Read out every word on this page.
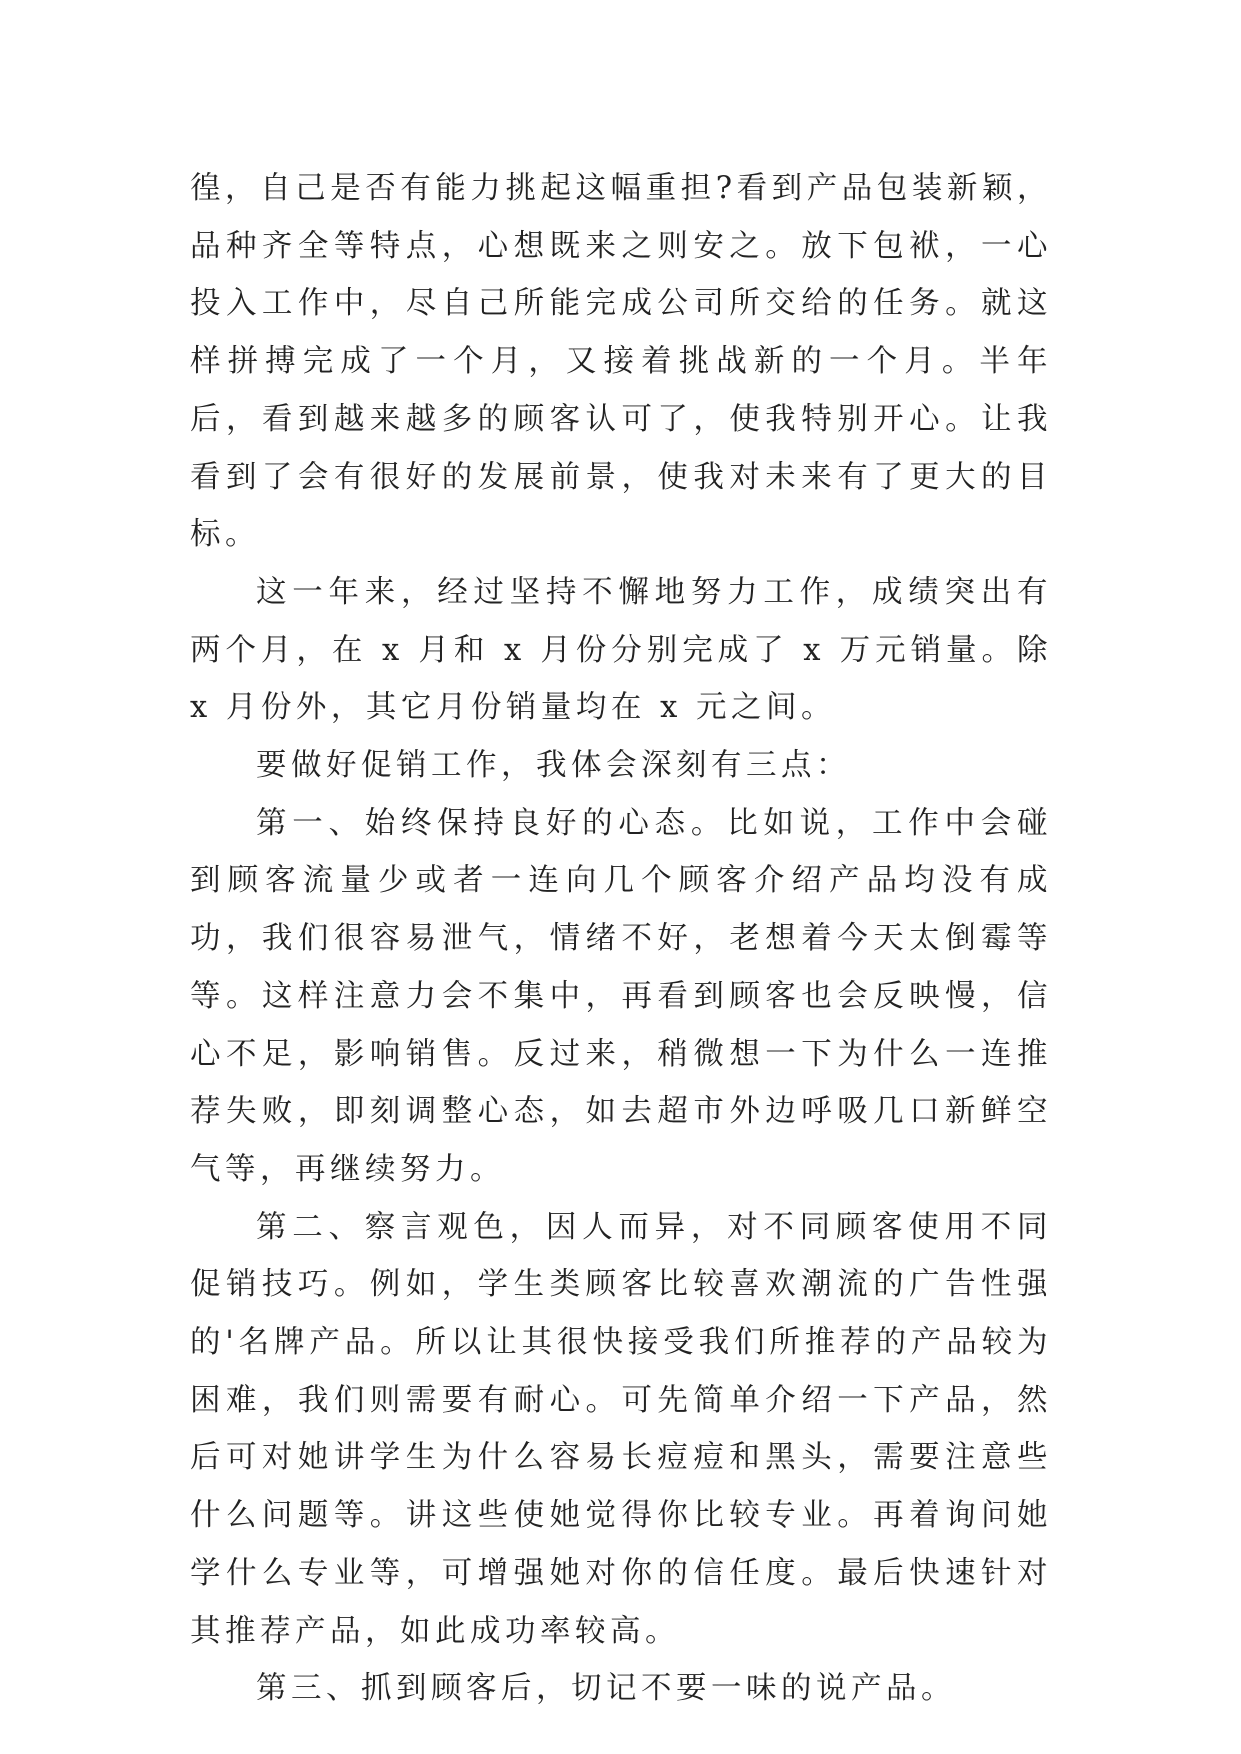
徨，自己是否有能力挑起这幅重担?看到产品包装新颖，品种齐全等特点，心想既来之则安之。放下包袱，一心投入工作中，尽自己所能完成公司所交给的任务。就这样拼搏完成了一个月，又接着挑战新的一个月。半年后，看到越来越多的顾客认可了，使我特别开心。让我看到了会有很好的发展前景，使我对未来有了更大的目标。

这一年来，经过坚持不懈地努力工作，成绩突出有两个月，在 x 月和 x 月份分别完成了 x 万元销量。除 x 月份外，其它月份销量均在 x 元之间。

要做好促销工作，我体会深刻有三点：

第一、始终保持良好的心态。比如说，工作中会碰到顾客流量少或者一连向几个顾客介绍产品均没有成功，我们很容易泄气，情绪不好，老想着今天太倒霉等等。这样注意力会不集中，再看到顾客也会反映慢，信心不足，影响销售。反过来，稍微想一下为什么一连推荐失败，即刻调整心态，如去超市外边呼吸几口新鲜空气等，再继续努力。

第二、察言观色，因人而异，对不同顾客使用不同促销技巧。例如，学生类顾客比较喜欢潮流的广告性强的'名牌产品。所以让其很快接受我们所推荐的产品较为困难，我们则需要有耐心。可先简单介绍一下产品，然后可对她讲学生为什么容易长痘痘和黑头，需要注意些什么问题等。讲这些使她觉得你比较专业。再着询问她学什么专业等，可增强她对你的信任度。最后快速针对其推荐产品，如此成功率较高。

第三、抓到顾客后，切记不要一味的说产品。
